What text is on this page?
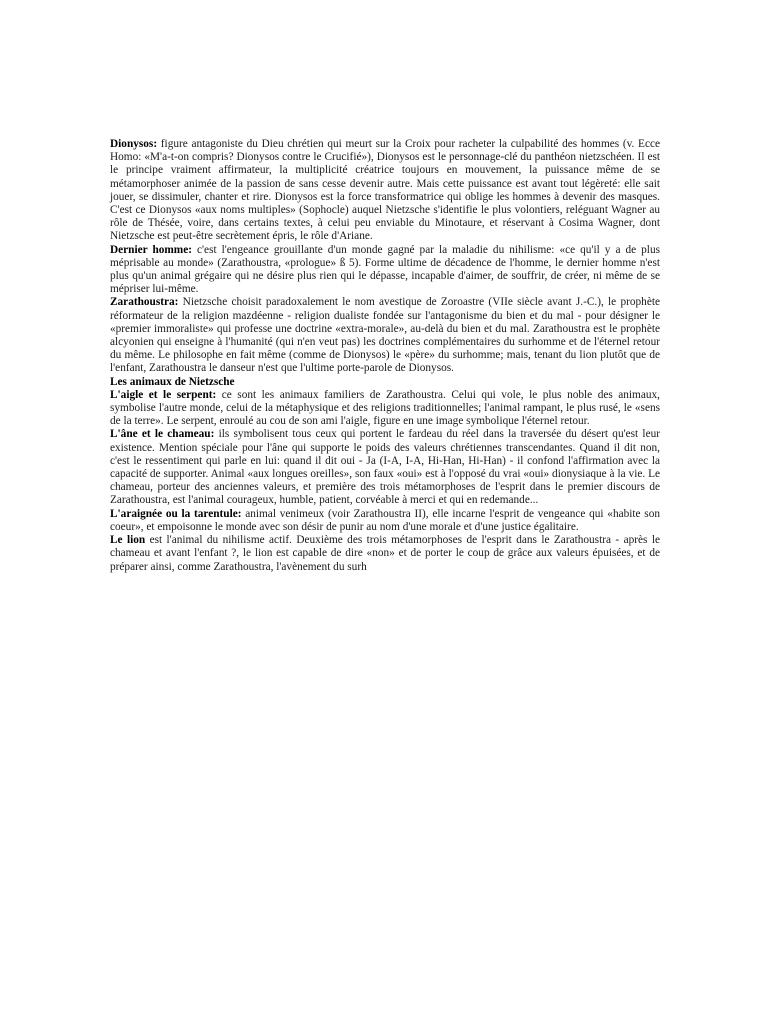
Dionysos: figure antagoniste du Dieu chrétien qui meurt sur la Croix pour racheter la culpabilité des hommes (v. Ecce Homo: «M'a-t-on compris? Dionysos contre le Crucifié»), Dionysos est le personnage-clé du panthéon nietzschéen. Il est le principe vraiment affirmateur, la multiplicité créatrice toujours en mouvement, la puissance même de se métamorphoser animée de la passion de sans cesse devenir autre. Mais cette puissance est avant tout légèreté: elle sait jouer, se dissimuler, chanter et rire. Dionysos est la force transformatrice qui oblige les hommes à devenir des masques. C'est ce Dionysos «aux noms multiples» (Sophocle) auquel Nietzsche s'identifie le plus volontiers, reléguant Wagner au rôle de Thésée, voire, dans certains textes, à celui peu enviable du Minotaure, et réservant à Cosima Wagner, dont Nietzsche est peut-être secrètement épris, le rôle d'Ariane.

Dernier homme: c'est l'engeance grouillante d'un monde gagné par la maladie du nihilisme: «ce qu'il y a de plus méprisable au monde» (Zarathoustra, «prologue» ß 5). Forme ultime de décadence de l'homme, le dernier homme n'est plus qu'un animal grégaire qui ne désire plus rien qui le dépasse, incapable d'aimer, de souffrir, de créer, ni même de se mépriser lui-même.

Zarathoustra: Nietzsche choisit paradoxalement le nom avestique de Zoroastre (VIIe siècle avant J.-C.), le prophète réformateur de la religion mazdéenne - religion dualiste fondée sur l'antagonisme du bien et du mal - pour désigner le «premier immoraliste» qui professe une doctrine «extra-morale», au-delà du bien et du mal. Zarathoustra est le prophète alcyonien qui enseigne à l'humanité (qui n'en veut pas) les doctrines complémentaires du surhomme et de l'éternel retour du même. Le philosophe en fait même (comme de Dionysos) le «père» du surhomme; mais, tenant du lion plutôt que de l'enfant, Zarathoustra le danseur n'est que l'ultime porte-parole de Dionysos.

Les animaux de Nietzsche

L'aigle et le serpent: ce sont les animaux familiers de Zarathoustra. Celui qui vole, le plus noble des animaux, symbolise l'autre monde, celui de la métaphysique et des religions traditionnelles; l'animal rampant, le plus rusé, le «sens de la terre». Le serpent, enroulé au cou de son ami l'aigle, figure en une image symbolique l'éternel retour.

L'âne et le chameau: ils symbolisent tous ceux qui portent le fardeau du réel dans la traversée du désert qu'est leur existence. Mention spéciale pour l'âne qui supporte le poids des valeurs chrétiennes transcendantes. Quand il dit non, c'est le ressentiment qui parle en lui: quand il dit oui - Ja (I-A, I-A, Hi-Han, Hi-Han) - il confond l'affirmation avec la capacité de supporter. Animal «aux longues oreilles», son faux «oui» est à l'opposé du vrai «oui» dionysiaque à la vie. Le chameau, porteur des anciennes valeurs, et première des trois métamorphoses de l'esprit dans le premier discours de Zarathoustra, est l'animal courageux, humble, patient, corvéable à merci et qui en redemande...

L'araignée ou la tarentule: animal venimeux (voir Zarathoustra II), elle incarne l'esprit de vengeance qui «habite son coeur», et empoisonne le monde avec son désir de punir au nom d'une morale et d'une justice égalitaire.

Le lion est l'animal du nihilisme actif. Deuxième des trois métamorphoses de l'esprit dans le Zarathoustra - après le chameau et avant l'enfant ?, le lion est capable de dire «non» et de porter le coup de grâce aux valeurs épuisées, et de préparer ainsi, comme Zarathoustra, l'avènement du surh
